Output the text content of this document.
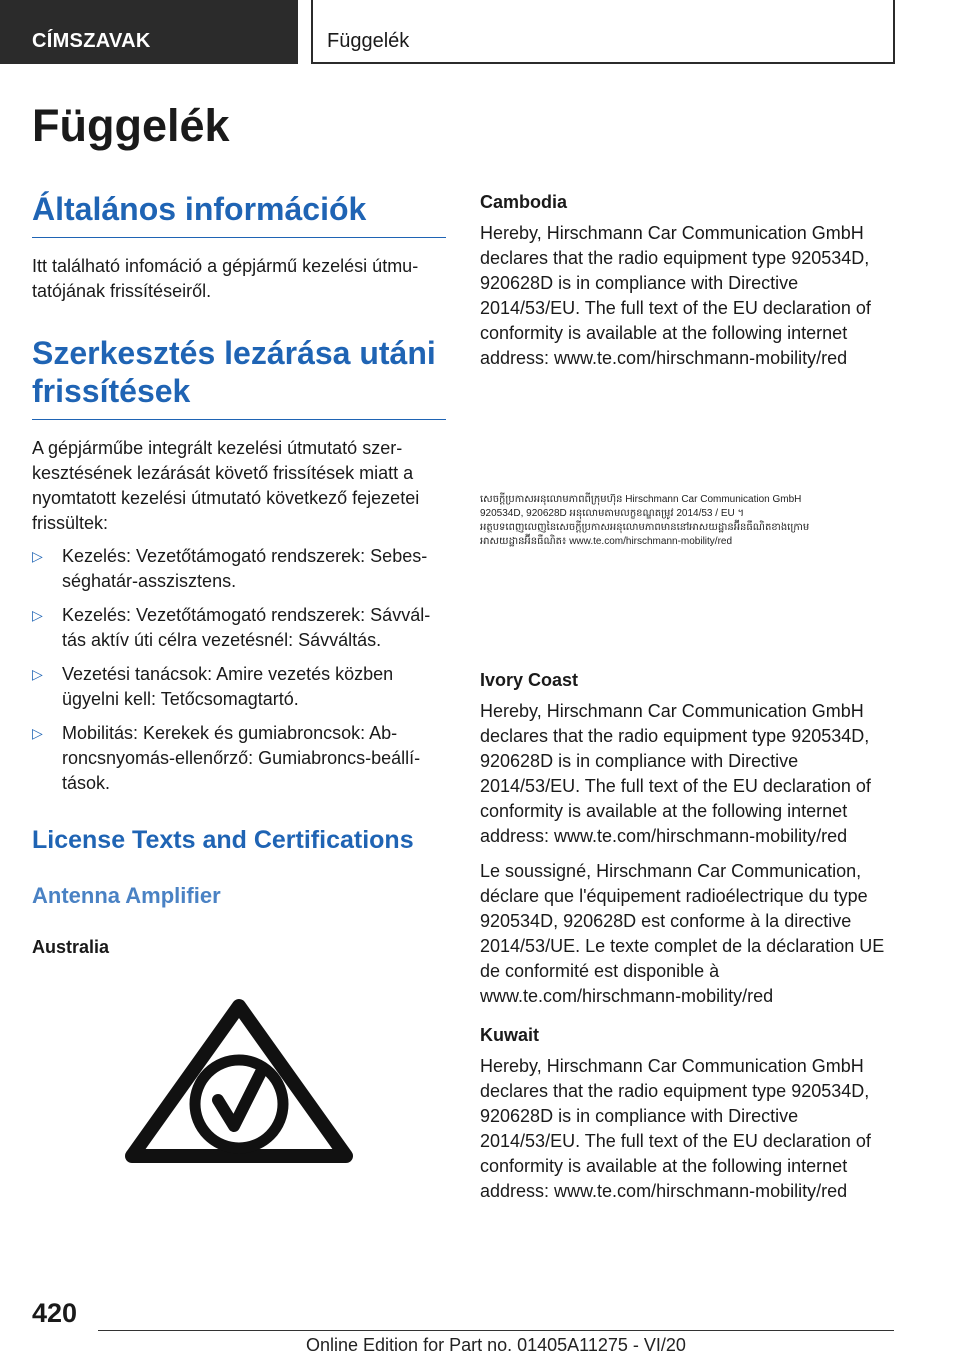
CÍMSZAVAK	Függelék
Függelék
Általános információk

Itt található infomáció a gépjármű kezelési útmutatójának frissítéseiről.

Szerkesztés lezárása utáni frissítések

A gépjárműbe integrált kezelési útmutató szerkesztésének lezárását követő frissítések miatt a nyomtatott kezelési útmutató következő fejezetei frissültek:

▷ Kezelés: Vezetőtámogató rendszerek: Sebességhatár-asszisztens.
▷ Kezelés: Vezetőtámogató rendszerek: Sávváltás aktív úti célra vezetésnél: Sávváltás.
▷ Vezetési tanácsok: Amire vezetés közben ügyelni kell: Tetőcsomagtartó.
▷ Mobilitás: Kerekek és gumiabroncsok: Abroncsnyomás-ellenőrző: Gumiabroncs-beállítások.
License Texts and Certifications
Antenna Amplifier
Australia
Cambodia

Hereby, Hirschmann Car Communication GmbH declares that the radio equipment type 920534D, 920628D is in compliance with Directive 2014/53/EU. The full text of the EU declaration of conformity is available at the following internet address: www.te.com/hirschmann-mobility/red

សេចក្ដីប្រកាសអនុលោមភាពពីក្រុមហ៊ុន Hirschmann Car Communication GmbH
920534D, 920628D អនុលោមតាមលក្ខខណ្ឌតម្រូវ 2014/53 / EU ។
អត្ថបទពេញលេញនៃសេចក្ដីប្រកាសអនុលោមភាពមាននៅអាសយដ្ឋានអ៊ីនធឺណិតខាងក្រោម
អាសយដ្ឋានអ៊ីនធឺណិត៖ www.te.com/hirschmann-mobility/red
Ivory Coast

Hereby, Hirschmann Car Communication GmbH declares that the radio equipment type 920534D, 920628D is in compliance with Directive 2014/53/EU. The full text of the EU declaration of conformity is available at the following internet address: www.te.com/hirschmann-mobility/red

Le soussigné, Hirschmann Car Communication, déclare que l'équipement radioélectrique du type 920534D, 920628D est conforme à la directive 2014/53/UE. Le texte complet de la déclaration UE de conformité est disponible à www.te.com/hirschmann-mobility/red

Kuwait

Hereby, Hirschmann Car Communication GmbH declares that the radio equipment type 920534D, 920628D is in compliance with Directive 2014/53/EU. The full text of the EU declaration of conformity is available at the following internet address: www.te.com/hirschmann-mobility/red

420
Online Edition for Part no. 01405A11275 - VI/20
